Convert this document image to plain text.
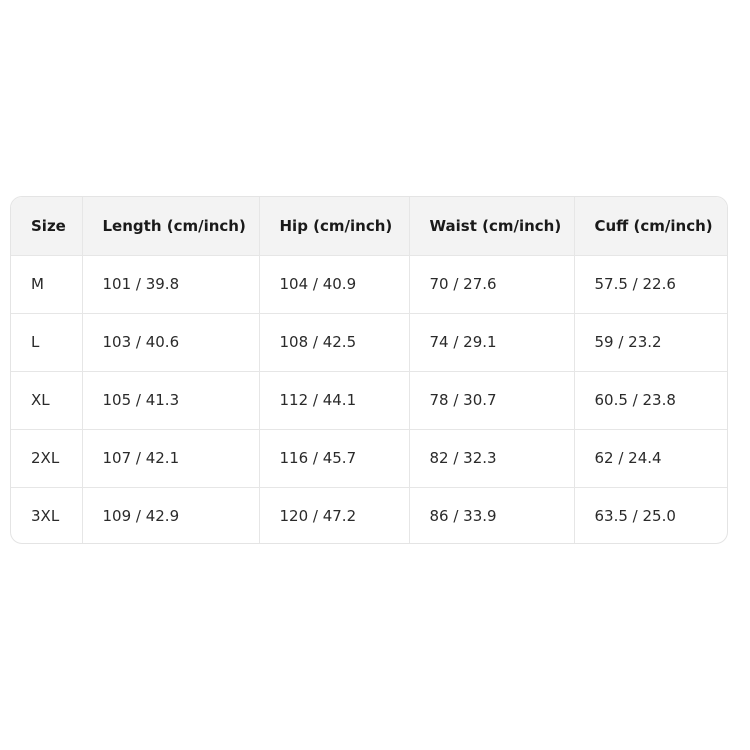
Size	Length (cm/inch)	Hip (cm/inch)	Waist (cm/inch)	Cuff (cm/inch)
M	101 / 39.8	104 / 40.9	70 / 27.6	57.5 / 22.6
L	103 / 40.6	108 / 42.5	74 / 29.1	59 / 23.2
XL	105 / 41.3	112 / 44.1	78 / 30.7	60.5 / 23.8
2XL	107 / 42.1	116 / 45.7	82 / 32.3	62 / 24.4
3XL	109 / 42.9	120 / 47.2	86 / 33.9	63.5 / 25.0
